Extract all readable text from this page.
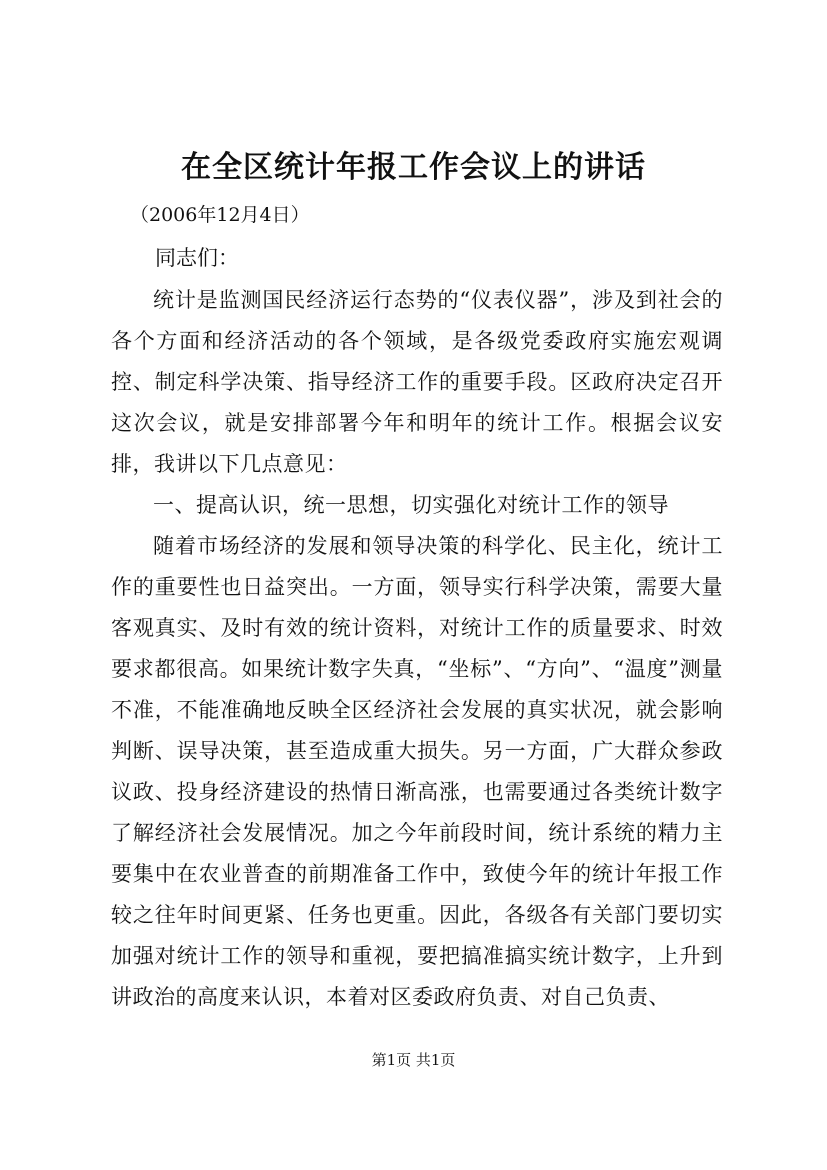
在全区统计年报工作会议上的讲话
（2006年12月4日）
同志们：

统计是监测国民经济运行态势的“仪表仪器”，涉及到社会的各个方面和经济活动的各个领域，是各级党委政府实施宏观调控、制定科学决策、指导经济工作的重要手段。区政府决定召开这次会议，就是安排部署今年和明年的统计工作。根据会议安排，我讲以下几点意见：

一、提高认识，统一思想，切实强化对统计工作的领导

随着市场经济的发展和领导决策的科学化、民主化，统计工作的重要性也日益突出。一方面，领导实行科学决策，需要大量客观真实、及时有效的统计资料，对统计工作的质量要求、时效要求都很高。如果统计数字失真，“坐标”、“方向”、“温度”测量不准，不能准确地反映全区经济社会发展的真实状况，就会影响判断、误导决策，甚至造成重大损失。另一方面，广大群众参政议政、投身经济建设的热情日渐高涨，也需要通过各类统计数字了解经济社会发展情况。加之今年前段时间，统计系统的精力主要集中在农业普查的前期准备工作中，致使今年的统计年报工作较之往年时间更紧、任务也更重。因此，各级各有关部门要切实加强对统计工作的领导和重视，要把搞准搞实统计数字，上升到讲政治的高度来认识，本着对区委政府负责、对自己负责、

第1页 共1页
